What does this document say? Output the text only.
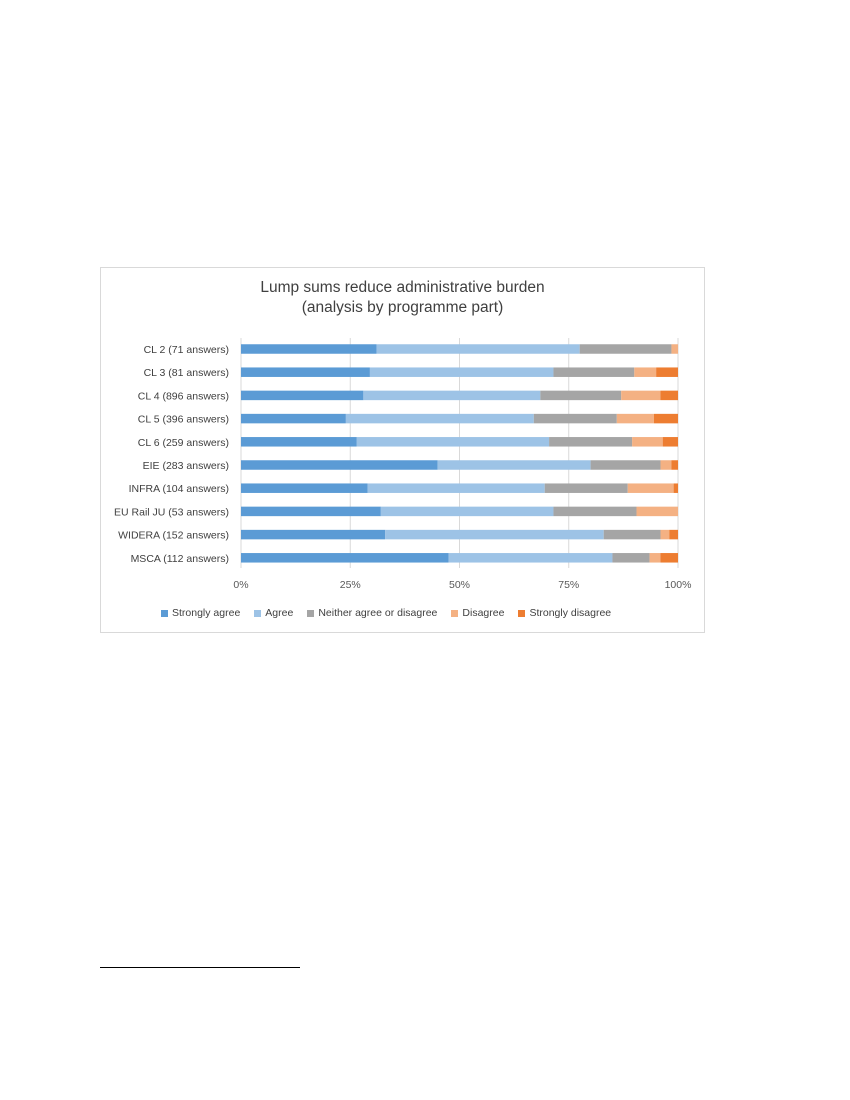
Lump sums reduce administrative burden
(analysis by programme part)
0%	25%	50%	75%	100%
CL 2 (71 answers)
CL 3 (81 answers)
CL 4 (896 answers)
CL 5 (396 answers)
CL 6 (259 answers)
EIE (283 answers)
INFRA (104 answers)
EU Rail JU (53 answers)
WIDERA (152 answers)
MSCA (112 answers)
Strongly agree Agree Neither agree or disagree Disagree Strongly disagree
